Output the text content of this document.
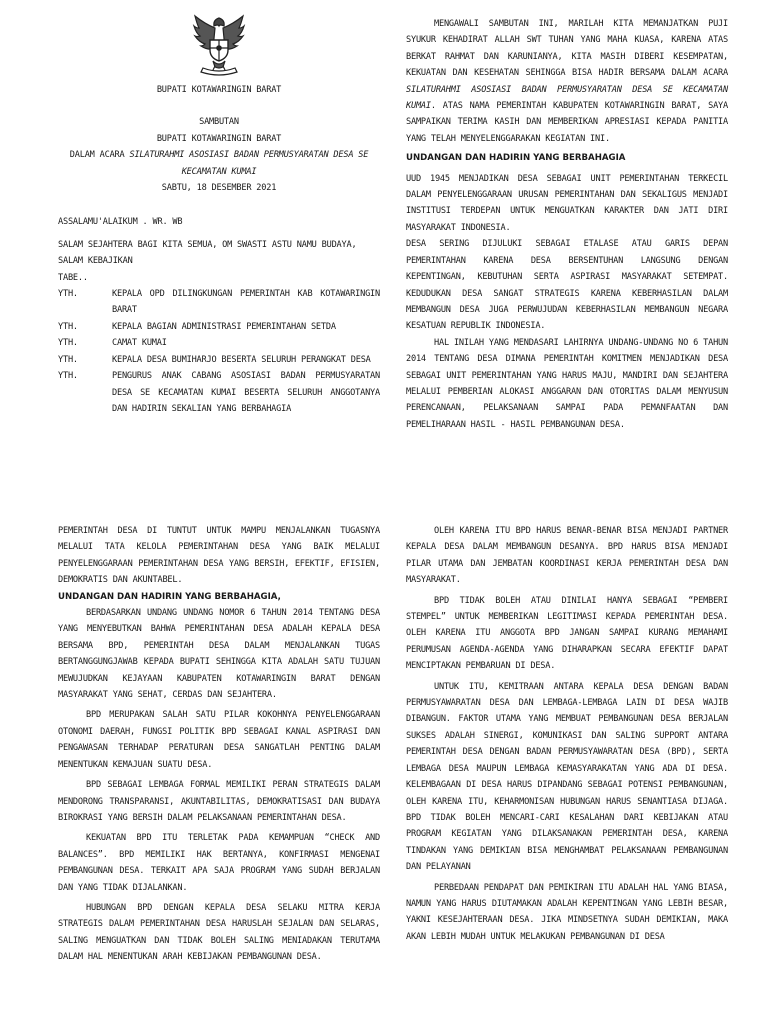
BUPATI KOTAWARINGIN BARAT

SAMBUTAN

BUPATI KOTAWARINGIN BARAT

DALAM ACARA SILATURAHMI ASOSIASI BADAN PERMUSYARATAN DESA SE KECAMATAN KUMAI

SABTU, 18 DESEMBER 2021

ASSALAMU'ALAIKUM . WR. WB

SALAM SEJAHTERA BAGI KITA SEMUA, OM SWASTI ASTU NAMU BUDAYA,

SALAM KEBAJIKAN

TABE..

YTH.	KEPALA OPD DILINGKUNGAN PEMERINTAH KAB KOTAWARINGIN BARAT
YTH.	KEPALA BAGIAN ADMINISTRASI PEMERINTAHAN SETDA
YTH.	CAMAT KUMAI
YTH.	KEPALA DESA BUMIHARJO BESERTA SELURUH PERANGKAT DESA
YTH.	PENGURUS ANAK CABANG ASOSIASI BADAN PERMUSYARATAN DESA SE KECAMATAN KUMAI BESERTA SELURUH ANGGOTANYA DAN HADIRIN SEKALIAN YANG BERBAHAGIA

MENGAWALI SAMBUTAN INI, MARILAH KITA MEMANJATKAN PUJI SYUKUR KEHADIRAT ALLAH SWT TUHAN YANG MAHA KUASA, KARENA ATAS BERKAT RAHMAT DAN KARUNIANYA, KITA MASIH DIBERI KESEMPATAN, KEKUATAN DAN KESEHATAN SEHINGGA BISA HADIR BERSAMA DALAM ACARA SILATURAHMI ASOSIASI BADAN PERMUSYARATAN DESA SE KECAMATAN KUMAI. ATAS NAMA PEMERINTAH KABUPATEN KOTAWARINGIN BARAT, SAYA SAMPAIKAN TERIMA KASIH DAN MEMBERIKAN APRESIASI KEPADA PANITIA YANG TELAH MENYELENGGARAKAN KEGIATAN INI.

UNDANGAN DAN HADIRIN YANG BERBAHAGIA

UUD 1945 MENJADIKAN DESA SEBAGAI UNIT PEMERINTAHAN TERKECIL DALAM PENYELENGGARAAN URUSAN PEMERINTAHAN DAN SEKALIGUS MENJADI INSTITUSI TERDEPAN UNTUK MENGUATKAN KARAKTER DAN JATI DIRI MASYARAKAT INDONESIA.

DESA SERING DIJULUKI SEBAGAI ETALASE ATAU GARIS DEPAN PEMERINTAHAN KARENA DESA BERSENTUHAN LANGSUNG DENGAN KEPENTINGAN, KEBUTUHAN SERTA ASPIRASI MASYARAKAT SETEMPAT. KEDUDUKAN DESA SANGAT STRATEGIS KARENA KEBERHASILAN DALAM MEMBANGUN DESA JUGA PERWUJUDAN KEBERHASILAN MEMBANGUN NEGARA KESATUAN REPUBLIK INDONESIA.

HAL INILAH YANG MENDASARI LAHIRNYA UNDANG-UNDANG NO 6 TAHUN 2014 TENTANG DESA DIMANA PEMERINTAH KOMITMEN MENJADIKAN DESA SEBAGAI UNIT PEMERINTAHAN YANG HARUS MAJU, MANDIRI DAN SEJAHTERA MELALUI PEMBERIAN ALOKASI ANGGARAN DAN OTORITAS DALAM MENYUSUN PERENCANAAN, PELAKSANAAN SAMPAI PADA PEMANFAATAN DAN PEMELIHARAAN HASIL - HASIL PEMBANGUNAN DESA.

PEMERINTAH DESA DI TUNTUT UNTUK MAMPU MENJALANKAN TUGASNYA MELALUI TATA KELOLA PEMERINTAHAN DESA YANG BAIK MELALUI PENYELENGGARAAN PEMERINTAHAN DESA YANG BERSIH, EFEKTIF, EFISIEN, DEMOKRATIS DAN AKUNTABEL.

UNDANGAN DAN HADIRIN YANG BERBAHAGIA,

BERDASARKAN UNDANG UNDANG NOMOR 6 TAHUN 2014 TENTANG DESA YANG MENYEBUTKAN BAHWA PEMERINTAHAN DESA ADALAH KEPALA DESA BERSAMA BPD, PEMERINTAH DESA DALAM MENJALANKAN TUGAS BERTANGGUNGJAWAB KEPADA BUPATI SEHINGGA KITA ADALAH SATU TUJUAN MEWUJUDKAN KEJAYAAN KABUPATEN KOTAWARINGIN BARAT DENGAN MASYARAKAT YANG SEHAT, CERDAS DAN SEJAHTERA.

BPD MERUPAKAN SALAH SATU PILAR KOKOHNYA PENYELENGGARAAN OTONOMI DAERAH, FUNGSI POLITIK BPD SEBAGAI KANAL ASPIRASI DAN PENGAWASAN TERHADAP PERATURAN DESA SANGATLAH PENTING DALAM MENENTUKAN KEMAJUAN SUATU DESA.

BPD SEBAGAI LEMBAGA FORMAL MEMILIKI PERAN STRATEGIS DALAM MENDORONG TRANSPARANSI, AKUNTABILITAS, DEMOKRATISASI DAN BUDAYA BIROKRASI YANG BERSIH DALAM PELAKSANAAN PEMERINTAHAN DESA.

KEKUATAN BPD ITU TERLETAK PADA KEMAMPUAN “CHECK AND BALANCES”. BPD MEMILIKI HAK BERTANYA, KONFIRMASI MENGENAI PEMBANGUNAN DESA. TERKAIT APA SAJA PROGRAM YANG SUDAH BERJALAN DAN YANG TIDAK DIJALANKAN.

HUBUNGAN BPD DENGAN KEPALA DESA SELAKU MITRA KERJA STRATEGIS DALAM PEMERINTAHAN DESA HARUSLAH SEJALAN DAN SELARAS, SALING MENGUATKAN DAN TIDAK BOLEH SALING MENIADAKAN TERUTAMA DALAM HAL MENENTUKAN ARAH KEBIJAKAN PEMBANGUNAN DESA.

OLEH KARENA ITU BPD HARUS BENAR-BENAR BISA MENJADI PARTNER KEPALA DESA DALAM MEMBANGUN DESANYA. BPD HARUS BISA MENJADI PILAR UTAMA DAN JEMBATAN KOORDINASI KERJA PEMERINTAH DESA DAN MASYARAKAT.

BPD TIDAK BOLEH ATAU DINILAI HANYA SEBAGAI “PEMBERI STEMPEL” UNTUK MEMBERIKAN LEGITIMASI KEPADA PEMERINTAH DESA. OLEH KARENA ITU ANGGOTA BPD JANGAN SAMPAI KURANG MEMAHAMI PERUMUSAN AGENDA-AGENDA YANG DIHARAPKAN SECARA EFEKTIF DAPAT MENCIPTAKAN PEMBARUAN DI DESA.

UNTUK ITU, KEMITRAAN ANTARA KEPALA DESA DENGAN BADAN PERMUSYAWARATAN DESA DAN LEMBAGA-LEMBAGA LAIN DI DESA WAJIB DIBANGUN. FAKTOR UTAMA YANG MEMBUAT PEMBANGUNAN DESA BERJALAN SUKSES ADALAH SINERGI, KOMUNIKASI DAN SALING SUPPORT ANTARA PEMERINTAH DESA DENGAN BADAN PERMUSYAWARATAN DESA (BPD), SERTA LEMBAGA DESA MAUPUN LEMBAGA KEMASYARAKATAN YANG ADA DI DESA. KELEMBAGAAN DI DESA HARUS DIPANDANG SEBAGAI POTENSI PEMBANGUNAN, OLEH KARENA ITU, KEHARMONISAN HUBUNGAN HARUS SENANTIASA DIJAGA. BPD TIDAK BOLEH MENCARI-CARI KESALAHAN DARI KEBIJAKAN ATAU PROGRAM KEGIATAN YANG DILAKSANAKAN PEMERINTAH DESA, KARENA TINDAKAN YANG DEMIKIAN BISA MENGHAMBAT PELAKSANAAN PEMBANGUNAN DAN PELAYANAN

PERBEDAAN PENDAPAT DAN PEMIKIRAN ITU ADALAH HAL YANG BIASA, NAMUN YANG HARUS DIUTAMAKAN ADALAH KEPENTINGAN YANG LEBIH BESAR, YAKNI KESEJAHTERAAN DESA. JIKA MINDSETNYA SUDAH DEMIKIAN, MAKA AKAN LEBIH MUDAH UNTUK MELAKUKAN PEMBANGUNAN DI DESA
